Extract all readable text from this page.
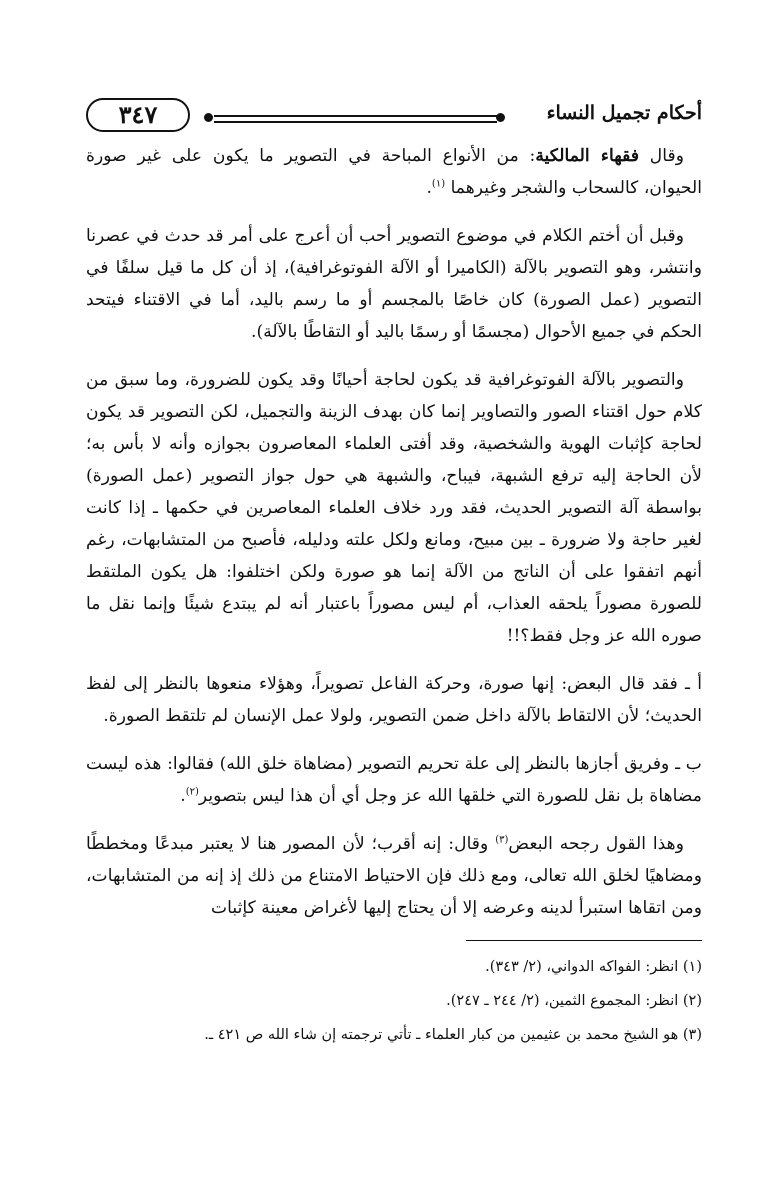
أحكام تجميل النساء
٣٤٧

وقال فقهاء المالكية: من الأنواع المباحة في التصوير ما يكون على غير صورة الحيوان، كالسحاب والشجر وغيرهما $^{(١)}$.

وقبل أن أختم الكلام في موضوع التصوير أحب أن أعرج على أمر قد حدث في عصرنا وانتشر، وهو التصوير بالآلة (الكاميرا أو الآلة الفوتوغرافية)، إذ أن كل ما قيل سلفًا في التصوير (عمل الصورة) كان خاصًا بالمجسم أو ما رسم باليد، أما في الاقتناء فيتحد الحكم في جميع الأحوال (مجسمًا أو رسمًا باليد أو التقاطًا بالآلة).

والتصوير بالآلة الفوتوغرافية قد يكون لحاجة أحيانًا وقد يكون للضرورة، وما سبق من كلام حول اقتناء الصور والتصاوير إنما كان بهدف الزينة والتجميل، لكن التصوير قد يكون لحاجة كإثبات الهوية والشخصية، وقد أفتى العلماء المعاصرون بجوازه وأنه لا بأس به؛ لأن الحاجة إليه ترفع الشبهة، فيباح، والشبهة هي حول جواز التصوير (عمل الصورة) بواسطة آلة التصوير الحديث، فقد ورد خلاف العلماء المعاصرين في حكمها ـ إذا كانت لغير حاجة ولا ضرورة ـ بين مبيح، ومانع ولكل علته ودليله، فأصبح من المتشابهات، رغم أنهم اتفقوا على أن الناتج من الآلة إنما هو صورة ولكن اختلفوا: هل يكون الملتقط للصورة مصوراً يلحقه العذاب، أم ليس مصوراً باعتبار أنه لم يبتدع شيئًا وإنما نقل ما صوره الله عز وجل فقط؟!!

أ ـ فقد قال البعض: إنها صورة، وحركة الفاعل تصويراً، وهؤلاء منعوها بالنظر إلى لفظ الحديث؛ لأن الالتقاط بالآلة داخل ضمن التصوير، ولولا عمل الإنسان لم تلتقط الصورة.

ب ـ وفريق أجازها بالنظر إلى علة تحريم التصوير (مضاهاة خلق الله) فقالوا: هذه ليست مضاهاة بل نقل للصورة التي خلقها الله عز وجل أي أن هذا ليس بتصوير$^{(٢)}$.

وهذا القول رجحه البعض$^{(٣)}$ وقال: إنه أقرب؛ لأن المصور هنا لا يعتبر مبدعًا ومخططًا ومضاهيًا لخلق الله تعالى، ومع ذلك فإن الاحتياط الامتناع من ذلك إذ إنه من المتشابهات، ومن اتقاها استبرأ لدينه وعرضه إلا أن يحتاج إليها لأغراض معينة كإثبات

(١) انظر: الفواكه الدواني، (٢/ ٣٤٣).

(٢) انظر: المجموع الثمين، (٢/ ٢٤٤ ـ ٢٤٧).

(٣) هو الشيخ محمد بن عثيمين من كبار العلماء ـ تأتي ترجمته إن شاء الله ص ٤٢١ ـ.
